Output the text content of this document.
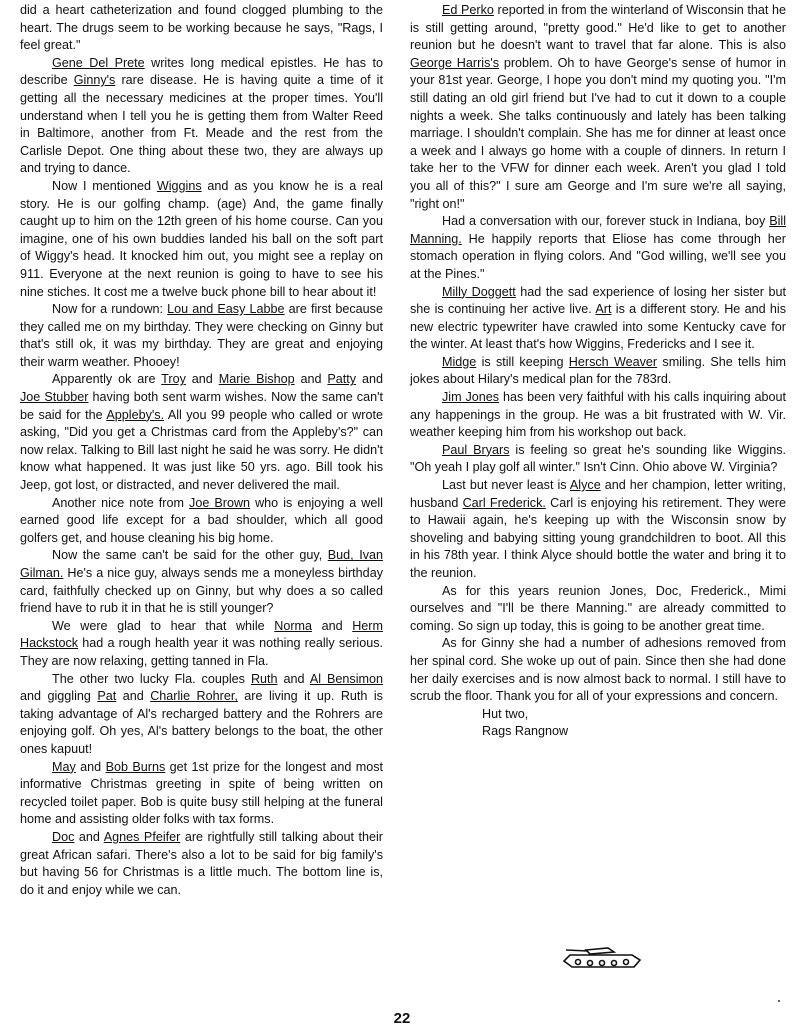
did a heart catheterization and found clogged plumbing to the heart. The drugs seem to be working because he says, "Rags, I feel great."

Gene Del Prete writes long medical epistles. He has to describe Ginny's rare disease. He is having quite a time of it getting all the necessary medicines at the proper times. You'll understand when I tell you he is getting them from Walter Reed in Baltimore, another from Ft. Meade and the rest from the Carlisle Depot. One thing about these two, they are always up and trying to dance.

Now I mentioned Wiggins and as you know he is a real story. He is our golfing champ. (age) And, the game finally caught up to him on the 12th green of his home course. Can you imagine, one of his own buddies landed his ball on the soft part of Wiggy's head. It knocked him out, you might see a replay on 911. Everyone at the next reunion is going to have to see his nine stiches. It cost me a twelve buck phone bill to hear about it!

Now for a rundown: Lou and Easy Labbe are first because they called me on my birthday. They were checking on Ginny but that's still ok, it was my birthday. They are great and enjoying their warm weather. Phooey!

Apparently ok are Troy and Marie Bishop and Patty and Joe Stubber having both sent warm wishes. Now the same can't be said for the Appleby's. All you 99 people who called or wrote asking, "Did you get a Christmas card from the Appleby's?" can now relax. Talking to Bill last night he said he was sorry. He didn't know what happened. It was just like 50 yrs. ago. Bill took his Jeep, got lost, or distracted, and never delivered the mail.

Another nice note from Joe Brown who is enjoying a well earned good life except for a bad shoulder, which all good golfers get, and house cleaning his big home.

Now the same can't be said for the other guy, Bud, Ivan Gilman. He's a nice guy, always sends me a moneyless birthday card, faithfully checked up on Ginny, but why does a so called friend have to rub it in that he is still younger?

We were glad to hear that while Norma and Herm Hackstock had a rough health year it was nothing really serious. They are now relaxing, getting tanned in Fla.

The other two lucky Fla. couples Ruth and Al Bensimon and giggling Pat and Charlie Rohrer, are living it up. Ruth is taking advantage of Al's recharged battery and the Rohrers are enjoying golf. Oh yes, Al's battery belongs to the boat, the other ones kapuut!

May and Bob Burns get 1st prize for the longest and most informative Christmas greeting in spite of being written on recycled toilet paper. Bob is quite busy still helping at the funeral home and assisting older folks with tax forms.

Doc and Agnes Pfeifer are rightfully still talking about their great African safari. There's also a lot to be said for big family's but having 56 for Christmas is a little much. The bottom line is, do it and enjoy while we can.

Ed Perko reported in from the winterland of Wisconsin that he is still getting around, "pretty good." He'd like to get to another reunion but he doesn't want to travel that far alone. This is also George Harris's problem. Oh to have George's sense of humor in your 81st year. George, I hope you don't mind my quoting you. "I'm still dating an old girl friend but I've had to cut it down to a couple nights a week. She talks continuously and lately has been talking marriage. I shouldn't complain. She has me for dinner at least once a week and I always go home with a couple of dinners. In return I take her to the VFW for dinner each week. Aren't you glad I told you all of this?" I sure am George and I'm sure we're all saying, "right on!"

Had a conversation with our, forever stuck in Indiana, boy Bill Manning. He happily reports that Eliose has come through her stomach operation in flying colors. And "God willing, we'll see you at the Pines."

Milly Doggett had the sad experience of losing her sister but she is continuing her active live. Art is a different story. He and his new electric typewriter have crawled into some Kentucky cave for the winter. At least that's how Wiggins, Fredericks and I see it.

Midge is still keeping Hersch Weaver smiling. She tells him jokes about Hilary's medical plan for the 783rd.

Jim Jones has been very faithful with his calls inquiring about any happenings in the group. He was a bit frustrated with W. Vir. weather keeping him from his workshop out back.

Paul Bryars is feeling so great he's sounding like Wiggins. "Oh yeah I play golf all winter." Isn't Cinn. Ohio above W. Virginia?

Last but never least is Alyce and her champion, letter writing, husband Carl Frederick. Carl is enjoying his retirement. They were to Hawaii again, he's keeping up with the Wisconsin snow by shoveling and babying sitting young grandchildren to boot. All this in his 78th year. I think Alyce should bottle the water and bring it to the reunion.

As for this years reunion Jones, Doc, Frederick., Mimi ourselves and "I'll be there Manning." are already committed to coming. So sign up today, this is going to be another great time.

As for Ginny she had a number of adhesions removed from her spinal cord. She woke up out of pain. Since then she had done her daily exercises and is now almost back to normal. I still have to scrub the floor. Thank you for all of your expressions and concern.

Hut two,

Rags Rangnow

22
